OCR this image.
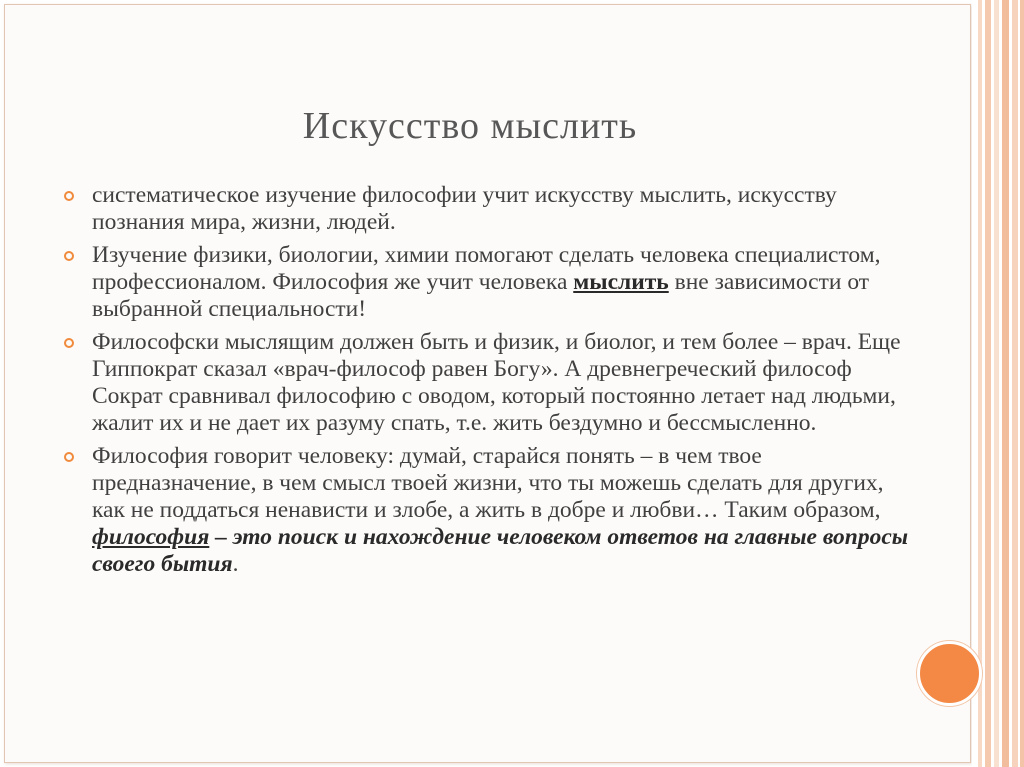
Искусство мыслить
систематическое изучение философии учит искусству мыслить, искусству познания мира, жизни, людей.
Изучение физики, биологии, химии помогают сделать человека специалистом, профессионалом. Философия же учит человека мыслить вне зависимости от выбранной специальности!
Философски мыслящим должен быть и физик, и биолог, и тем более – врач. Еще Гиппократ сказал «врач-философ равен Богу». А древнегреческий философ Сократ сравнивал философию с оводом, который постоянно летает над людьми, жалит их и не дает их разуму спать, т.е. жить бездумно и бессмысленно.
Философия говорит человеку: думай, старайся понять – в чем твое предназначение, в чем смысл твоей жизни, что ты можешь сделать для других, как не поддаться ненависти и злобе, а жить в добре и любви… Таким образом, философия – это поиск и нахождение человеком ответов на главные вопросы своего бытия.
